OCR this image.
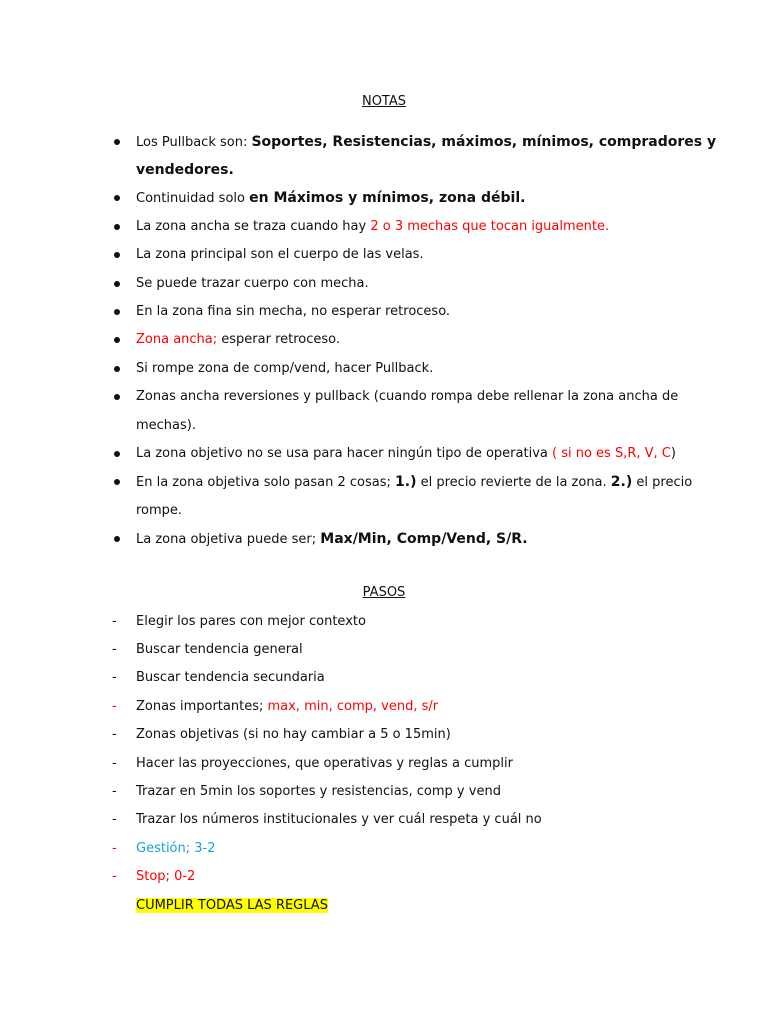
NOTAS
Los Pullback son: Soportes, Resistencias, máximos, mínimos, compradores y
vendedores.
Continuidad solo en Máximos y mínimos, zona débil.
La zona ancha se traza cuando hay 2 o 3 mechas que tocan igualmente.
La zona principal son el cuerpo de las velas.
Se puede trazar cuerpo con mecha.
En la zona fina sin mecha, no esperar retroceso.
Zona ancha; esperar retroceso.
Si rompe zona de comp/vend, hacer Pullback.
Zonas ancha reversiones y pullback (cuando rompa debe rellenar la zona ancha de
mechas).
La zona objetivo no se usa para hacer ningún tipo de operativa ( si no es S,R, V, C)
En la zona objetiva solo pasan 2 cosas; 1.) el precio revierte de la zona. 2.) el precio
rompe.
La zona objetiva puede ser; Max/Min, Comp/Vend, S/R.
PASOS
- Elegir los pares con mejor contexto
- Buscar tendencia general
- Buscar tendencia secundaria
- Zonas importantes; max, min, comp, vend, s/r
- Zonas objetivas (si no hay cambiar a 5 o 15min)
- Hacer las proyecciones, que operativas y reglas a cumplir
- Trazar en 5min los soportes y resistencias, comp y vend
- Trazar los números institucionales y ver cuál respeta y cuál no
- Gestión; 3-2
- Stop; 0-2
CUMPLIR TODAS LAS REGLAS
